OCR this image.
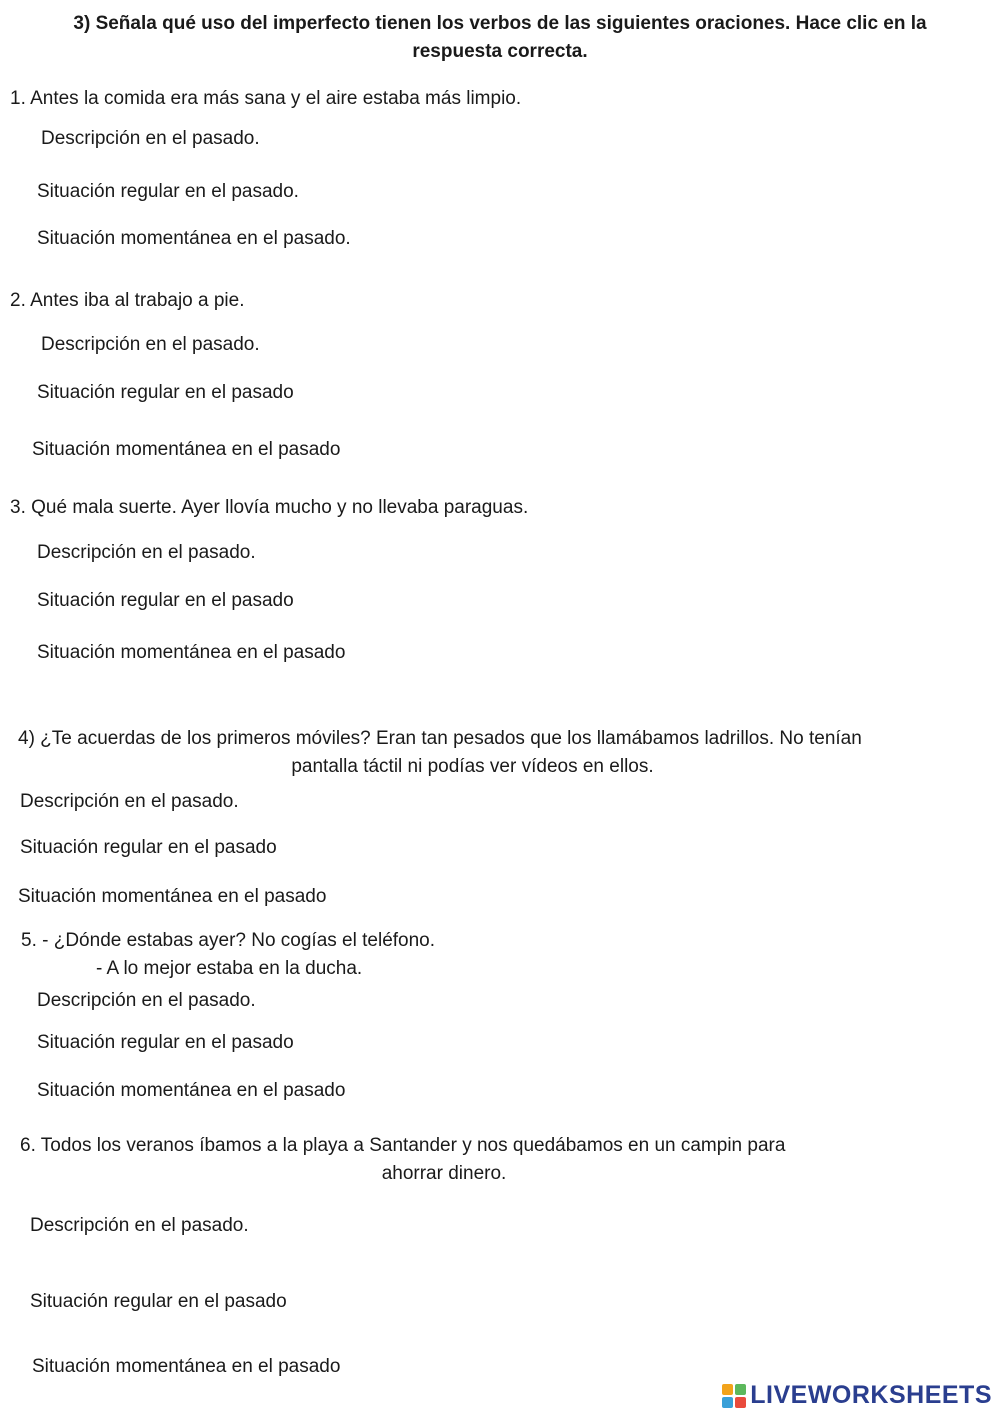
3) Señala qué uso del imperfecto tienen los verbos de las siguientes oraciones. Hace clic en la
respuesta correcta.
1. Antes la comida era más sana y el aire estaba más limpio.
Descripción en el pasado.
Situación regular en el pasado.
Situación momentánea en el pasado.
2. Antes iba al trabajo a pie.
Descripción en el pasado.
Situación regular en el pasado
Situación momentánea en el pasado
3. Qué mala suerte. Ayer llovía mucho y no llevaba paraguas.
Descripción en el pasado.
Situación regular en el pasado
Situación momentánea en el pasado
4) ¿Te acuerdas de los primeros móviles? Eran tan pesados que los llamábamos ladrillos. No tenían
pantalla táctil ni podías ver vídeos en ellos.
Descripción en el pasado.
Situación regular en el pasado
Situación momentánea en el pasado
5. - ¿Dónde estabas ayer? No cogías el teléfono.
- A lo mejor estaba en la ducha.
Descripción en el pasado.
Situación regular en el pasado
Situación momentánea en el pasado
6. Todos los veranos íbamos a la playa a Santander y nos quedábamos en un campin para
ahorrar dinero.
Descripción en el pasado.
Situación regular en el pasado
Situación momentánea en el pasado
LIVEWORKSHEETS
